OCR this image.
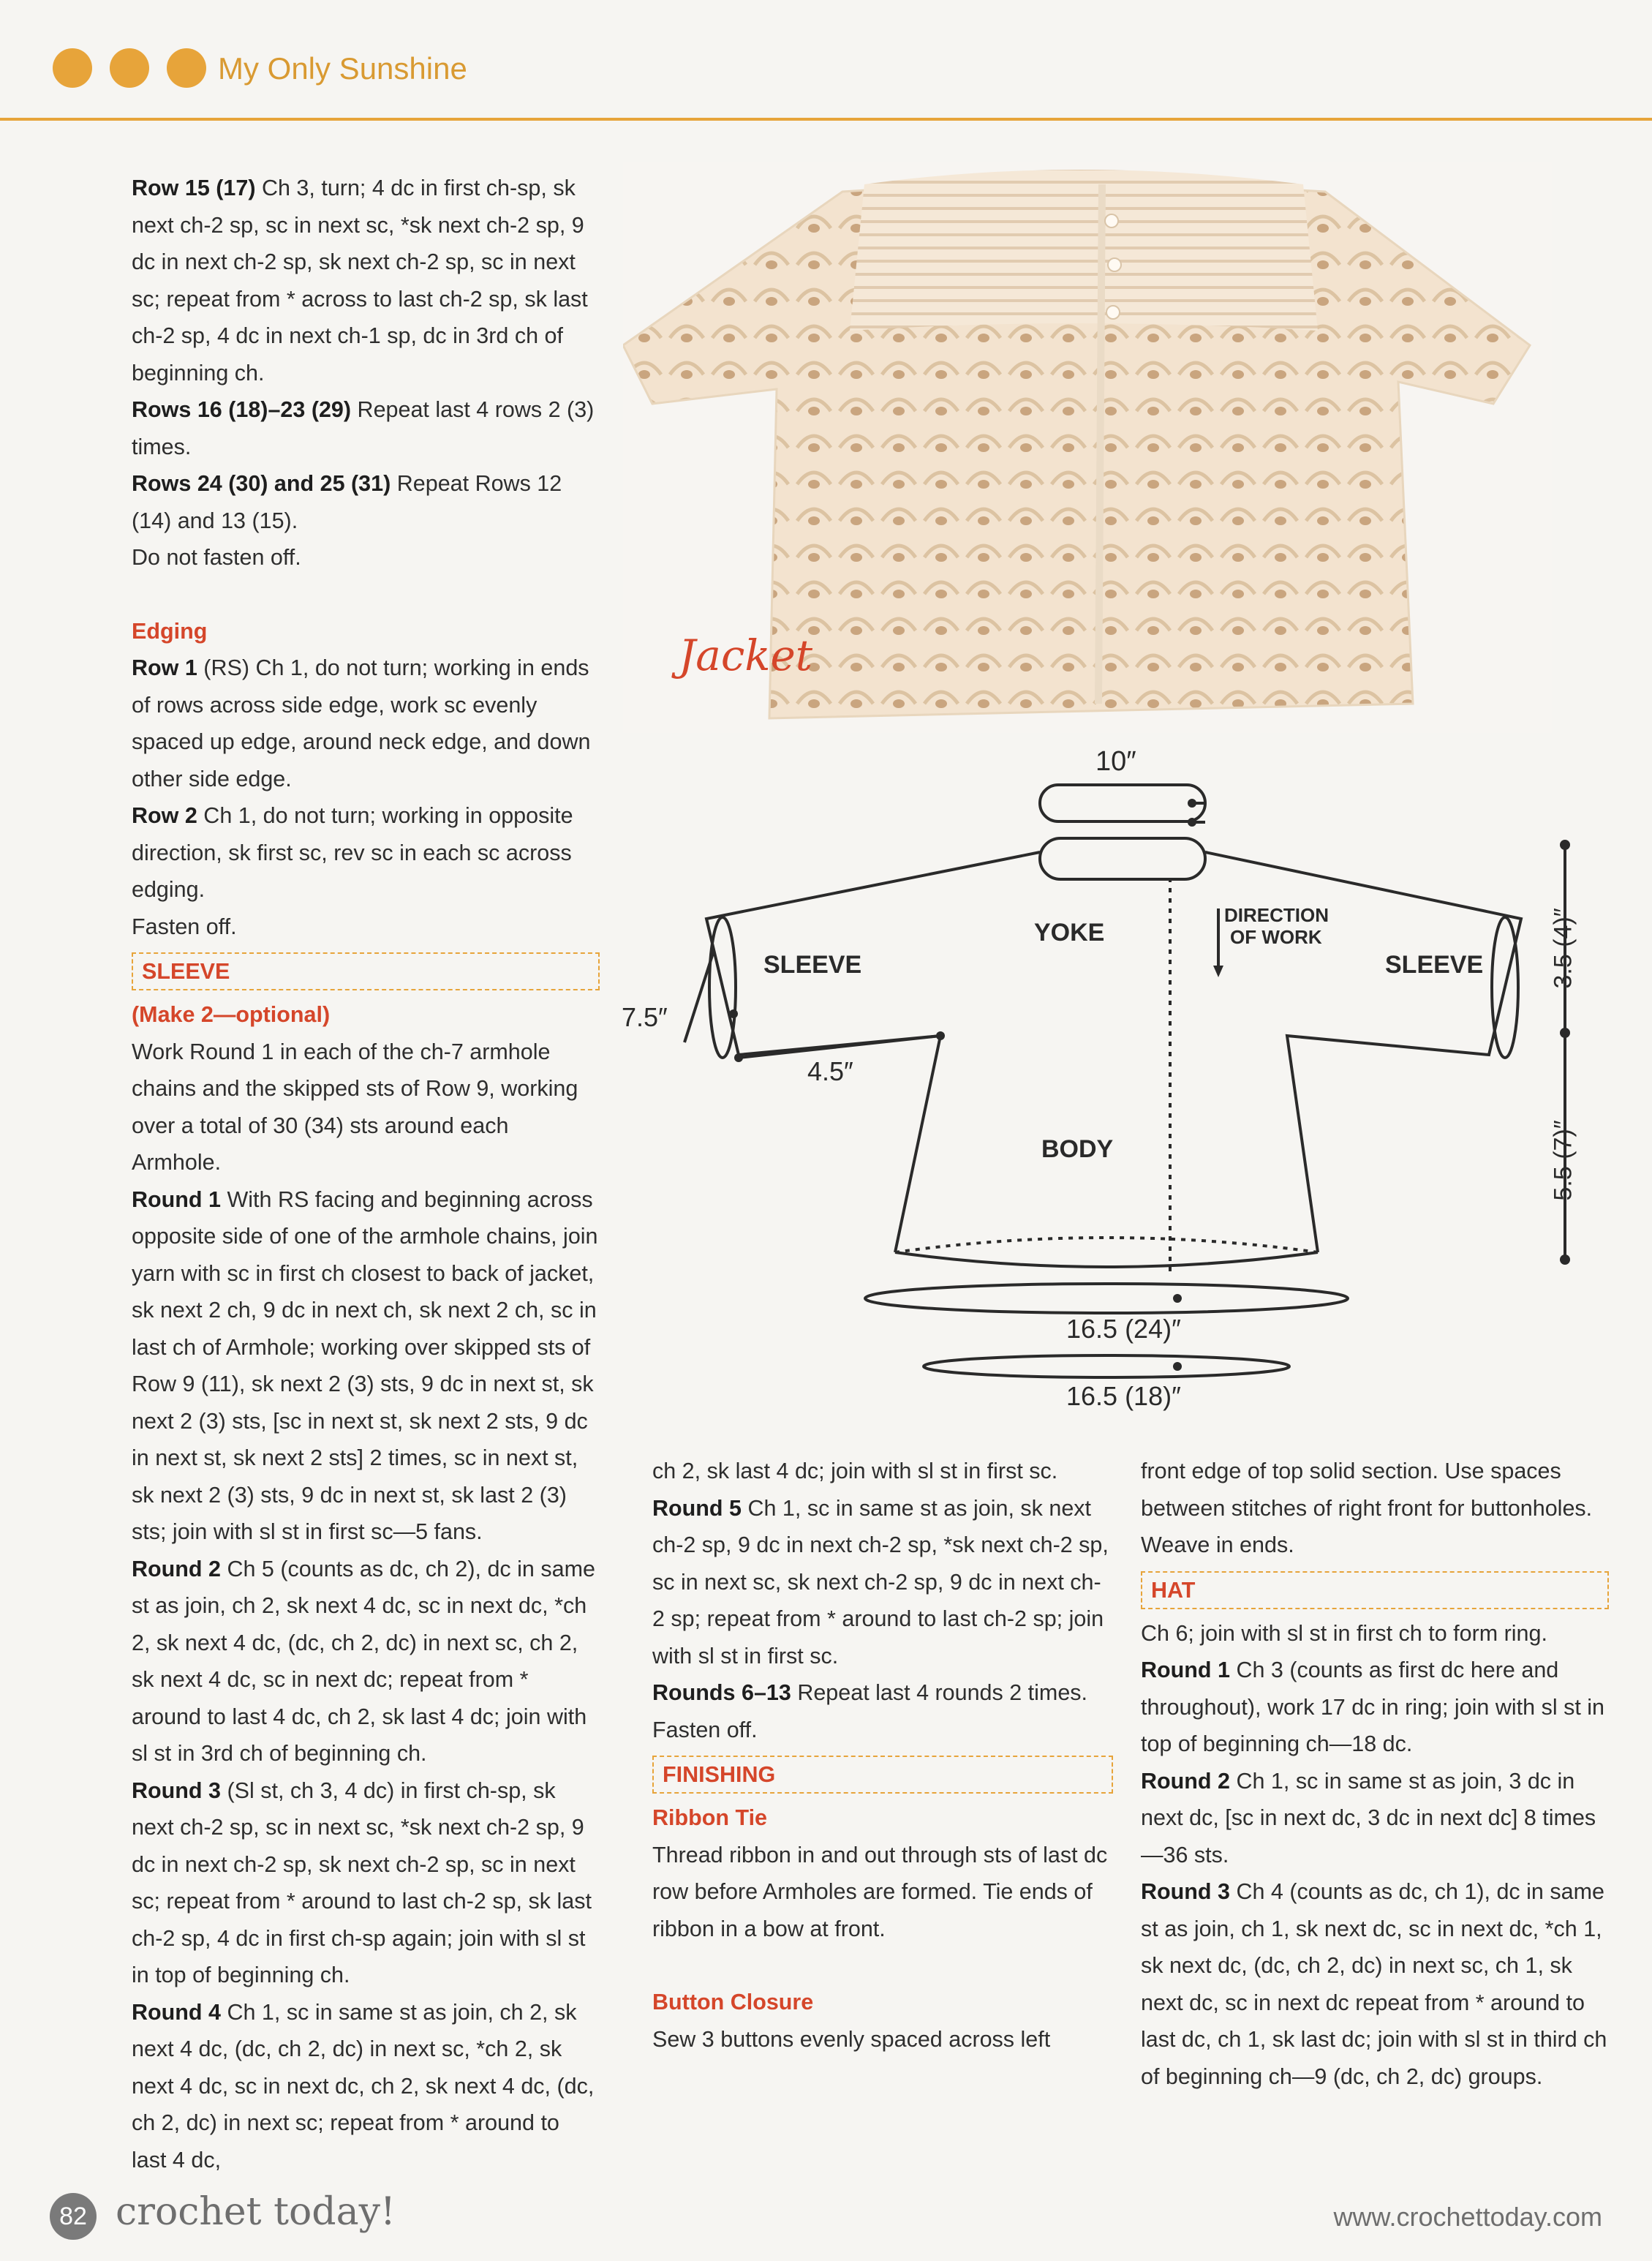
My Only Sunshine

Row 15 (17) Ch 3, turn; 4 dc in first ch-sp, sk next ch-2 sp, sc in next sc, *sk next ch-2 sp, 9 dc in next ch-2 sp, sk next ch-2 sp, sc in next sc; repeat from * across to last ch-2 sp, sk last ch-2 sp, 4 dc in next ch-1 sp, dc in 3rd ch of beginning ch.

Rows 16 (18)–23 (29) Repeat last 4 rows 2 (3) times.

Rows 24 (30) and 25 (31) Repeat Rows 12 (14) and 13 (15).

Do not fasten off.

Edging

Row 1 (RS) Ch 1, do not turn; working in ends of rows across side edge, work sc evenly spaced up edge, around neck edge, and down other side edge.

Row 2 Ch 1, do not turn; working in opposite direction, sk first sc, rev sc in each sc across edging.

Fasten off.

SLEEVE

(Make 2—optional)

Work Round 1 in each of the ch-7 armhole chains and the skipped sts of Row 9, working over a total of 30 (34) sts around each Armhole.

Round 1 With RS facing and beginning across opposite side of one of the armhole chains, join yarn with sc in first ch closest to back of jacket, sk next 2 ch, 9 dc in next ch, sk next 2 ch, sc in last ch of Armhole; working over skipped sts of Row 9 (11), sk next 2 (3) sts, 9 dc in next st, sk next 2 (3) sts, [sc in next st, sk next 2 sts, 9 dc in next st, sk next 2 sts] 2 times, sc in next st, sk next 2 (3) sts, 9 dc in next st, sk last 2 (3) sts; join with sl st in first sc—5 fans.

Round 2 Ch 5 (counts as dc, ch 2), dc in same st as join, ch 2, sk next 4 dc, sc in next dc, *ch 2, sk next 4 dc, (dc, ch 2, dc) in next sc, ch 2, sk next 4 dc, sc in next dc; repeat from * around to last 4 dc, ch 2, sk last 4 dc; join with sl st in 3rd ch of beginning ch.

Round 3 (Sl st, ch 3, 4 dc) in first ch-sp, sk next ch-2 sp, sc in next sc, *sk next ch-2 sp, 9 dc in next ch-2 sp, sk next ch-2 sp, sc in next sc; repeat from * around to last ch-2 sp, sk last ch-2 sp, 4 dc in first ch-sp again; join with sl st in top of beginning ch.

Round 4 Ch 1, sc in same st as join, ch 2, sk next 4 dc, (dc, ch 2, dc) in next sc, *ch 2, sk next 4 dc, sc in next dc, ch 2, sk next 4 dc, (dc, ch 2, dc) in next sc; repeat from * around to last 4 dc,

Jacket
10″
YOKE
SLEEVE	SLEEVE
DIRECTION
OF WORK
BODY
7.5″
4.5″
3.5 (4)″
5.5 (7)″
16.5 (24)″
16.5 (18)″

ch 2, sk last 4 dc; join with sl st in first sc.

Round 5 Ch 1, sc in same st as join, sk next ch-2 sp, 9 dc in next ch-2 sp, *sk next ch-2 sp, sc in next sc, sk next ch-2 sp, 9 dc in next ch-2 sp; repeat from * around to last ch-2 sp; join with sl st in first sc.

Rounds 6–13 Repeat last 4 rounds 2 times.

Fasten off.

FINISHING

Ribbon Tie

Thread ribbon in and out through sts of last dc row before Armholes are formed. Tie ends of ribbon in a bow at front.

Button Closure

Sew 3 buttons evenly spaced across left

front edge of top solid section. Use spaces between stitches of right front for buttonholes. Weave in ends.

HAT

Ch 6; join with sl st in first ch to form ring.

Round 1 Ch 3 (counts as first dc here and throughout), work 17 dc in ring; join with sl st in top of beginning ch—18 dc.

Round 2 Ch 1, sc in same st as join, 3 dc in next dc, [sc in next dc, 3 dc in next dc] 8 times—36 sts.

Round 3 Ch 4 (counts as dc, ch 1), dc in same st as join, ch 1, sk next dc, sc in next dc, *ch 1, sk next dc, (dc, ch 2, dc) in next sc, ch 1, sk next dc, sc in next dc repeat from * around to last dc, ch 1, sk last dc; join with sl st in third ch of beginning ch—9 (dc, ch 2, dc) groups.

82 crochet today!	www.crochettoday.com
